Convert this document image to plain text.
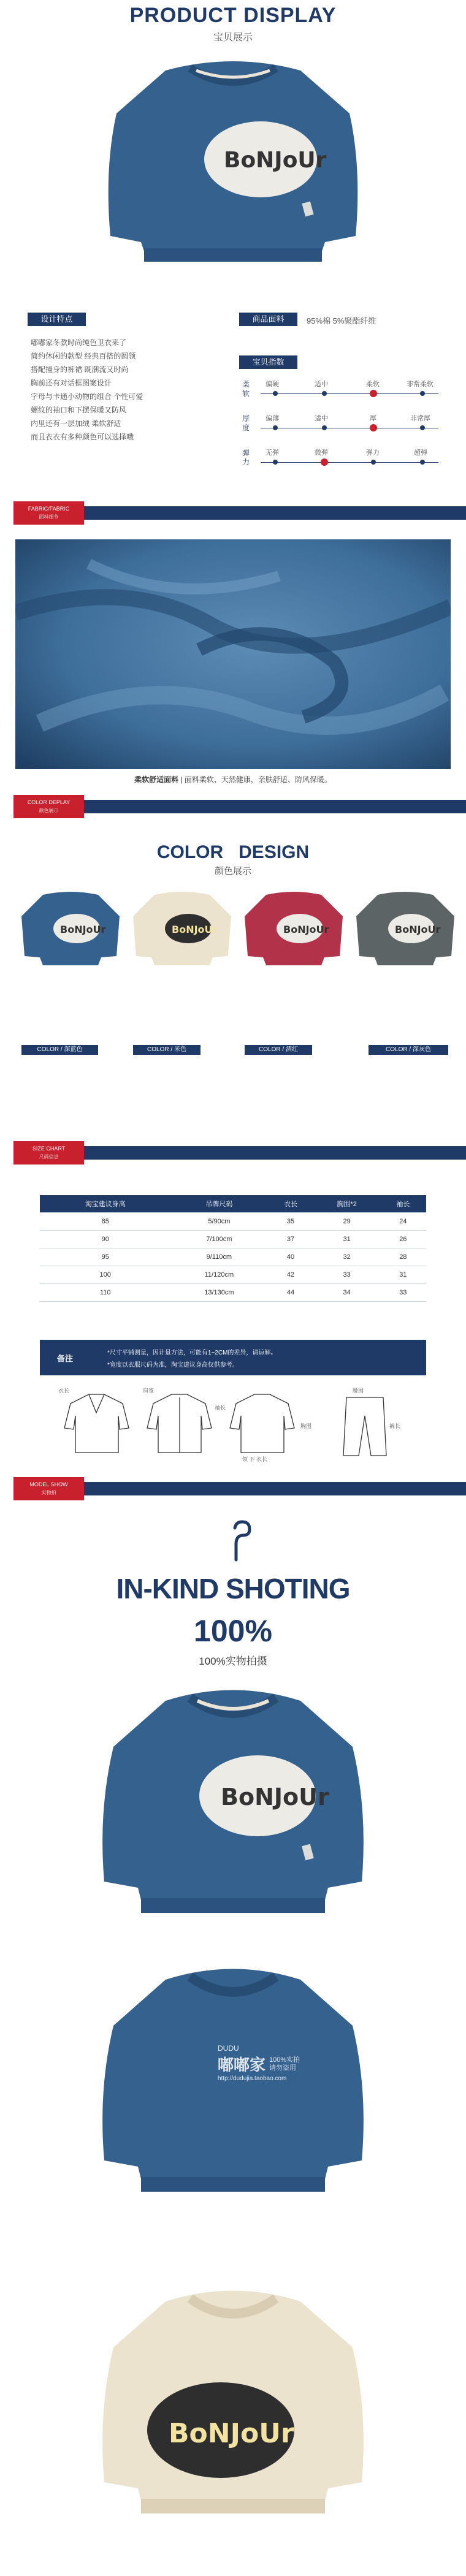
PRODUCT DISPLAY
宝贝展示
BoNJoUr
设计特点
嘟嘟家冬款时尚纯色卫衣来了
简约休闲的款型 经典百搭的圆领
搭配撞身的裤裙 既潮流又时尚
胸前还有对话框图案设计
字母与卡通小动物的组合 个性可爱
螺纹的袖口和下摆保暖又防风
内里还有一层加绒 柔软舒适
而且衣衣有多种颜色可以选择哦
商品面料	95%棉 5%聚酯纤维
宝贝指数
柔软
偏硬	适中	柔软	非常柔软
厚度
偏薄	适中	厚	非常厚
弹力
无弹	微弹	弹力	超弹
FABRIC/FABRIC
面料细节
柔软舒适面料 | 面料柔软、天然健康，亲肤舒适、防风保暖。
COLOR DEPLAY
颜色展示
COLOR   DESIGN
颜色展示
BoNJoUr	BoNJoUr	BoNJoUr	BoNJoUr
COLOR / 深蓝色	COLOR / 米色	COLOR / 酒红	COLOR / 深灰色
SIZE CHART
尺码信息
淘宝建议身高	吊牌尺码	衣长	胸围*2	袖长
85	5/90cm	35	29	24
90	7/100cm	37	31	26
95	9/110cm	40	32	28
100	11/120cm	42	33	31
110	13/130cm	44	34	33
备注
*尺寸平铺测量，因计量方法，可能有1~2CM的差异，请谅解。
*宽度以衣服尺码为准，淘宝建议身高仅供参考。
衣长	肩宽
袖长
胸围
领 下 衣长
腰围
裤长
MODEL SHOW
实物拍
IN-KIND SHOTING
100%
100%实物拍摄
BoNJoUr
DUDU
嘟嘟家 100%实拍
请勿盗用
http://dudujia.taobao.com
BoNJoUr
